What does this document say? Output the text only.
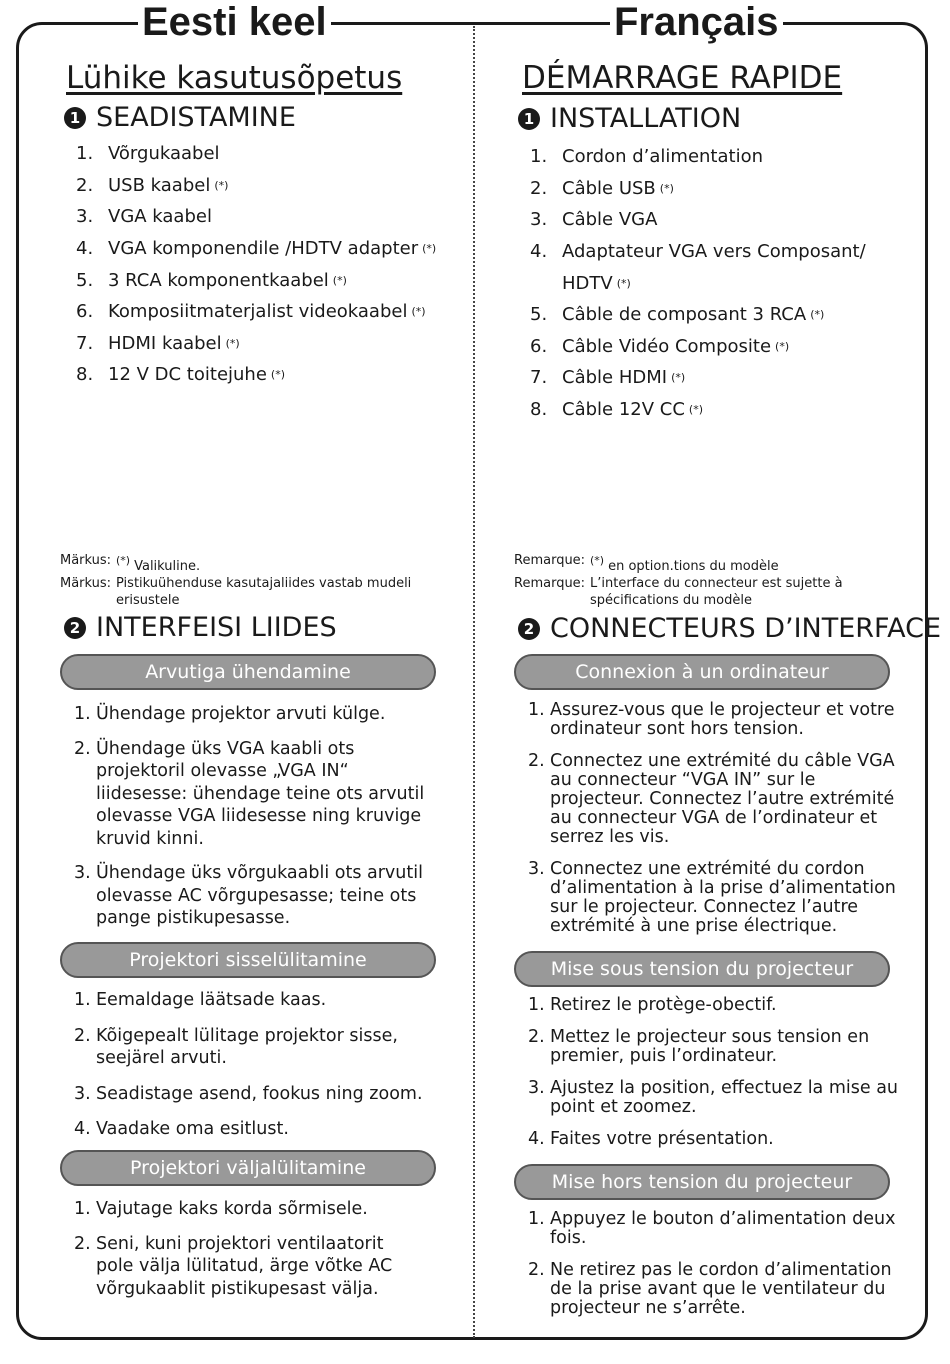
Eesti keel	Français
Lühike kasutusõpetus
1 SEADISTAMINE
1. Võrgukaabel
2. USB kaabel (*)
3. VGA kaabel
4. VGA komponendile /HDTV adapter (*)
5. 3 RCA komponentkaabel (*)
6. Komposiitmaterjalist videokaabel (*)
7. HDMI kaabel (*)
8. 12 V DC toitejuhe (*)
Märkus: (*) Valikuline.
Märkus: Pistikuühenduse kasutajaliides vastab mudeli erisustele
2 INTERFEISI LIIDES
Arvutiga ühendamine
1. Ühendage projektor arvuti külge.
2. Ühendage üks VGA kaabli ots projektoril olevasse „VGA IN“ liidesesse: ühendage teine ots arvutil olevasse VGA liidesesse ning kruvige kruvid kinni.
3. Ühendage üks võrgukaabli ots arvutil olevasse AC võrgupesasse; teine ots pange pistikupesasse.
Projektori sisselülitamine
1. Eemaldage läätsade kaas.
2. Kõigepealt lülitage projektor sisse, seejärel arvuti.
3. Seadistage asend, fookus ning zoom.
4. Vaadake oma esitlust.
Projektori väljalülitamine
1. Vajutage kaks korda sõrmisele.
2. Seni, kuni projektori ventilaatorit pole välja lülitatud, ärge võtke AC võrgukaablit pistikupesast välja.
DÉMARRAGE RAPIDE
1 INSTALLATION
1. Cordon d’alimentation
2. Câble USB (*)
3. Câble VGA
4. Adaptateur VGA vers Composant/
HDTV (*)
5. Câble de composant 3 RCA (*)
6. Câble Vidéo Composite (*)
7. Câble HDMI (*)
8. Câble 12V CC (*)
Remarque: (*) en option.tions du modèle
Remarque: L’interface du connecteur est sujette à spécifications du modèle
2 CONNECTEURS D’INTERFACE
Connexion à un ordinateur
1. Assurez-vous que le projecteur et votre ordinateur sont hors tension.
2. Connectez une extrémité du câble VGA au connecteur “VGA IN” sur le projecteur. Connectez l’autre extrémité au connecteur VGA de l’ordinateur et serrez les vis.
3. Connectez une extrémité du cordon d’alimentation à la prise d’alimentation sur le projecteur. Connectez l’autre extrémité à une prise électrique.
Mise sous tension du projecteur
1. Retirez le protège-obectif.
2. Mettez le projecteur sous tension en premier, puis l’ordinateur.
3. Ajustez la position, effectuez la mise au point et zoomez.
4. Faites votre présentation.
Mise hors tension du projecteur
1. Appuyez le bouton d’alimentation deux fois.
2. Ne retirez pas le cordon d’alimentation de la prise avant que le ventilateur du projecteur ne s’arrête.
